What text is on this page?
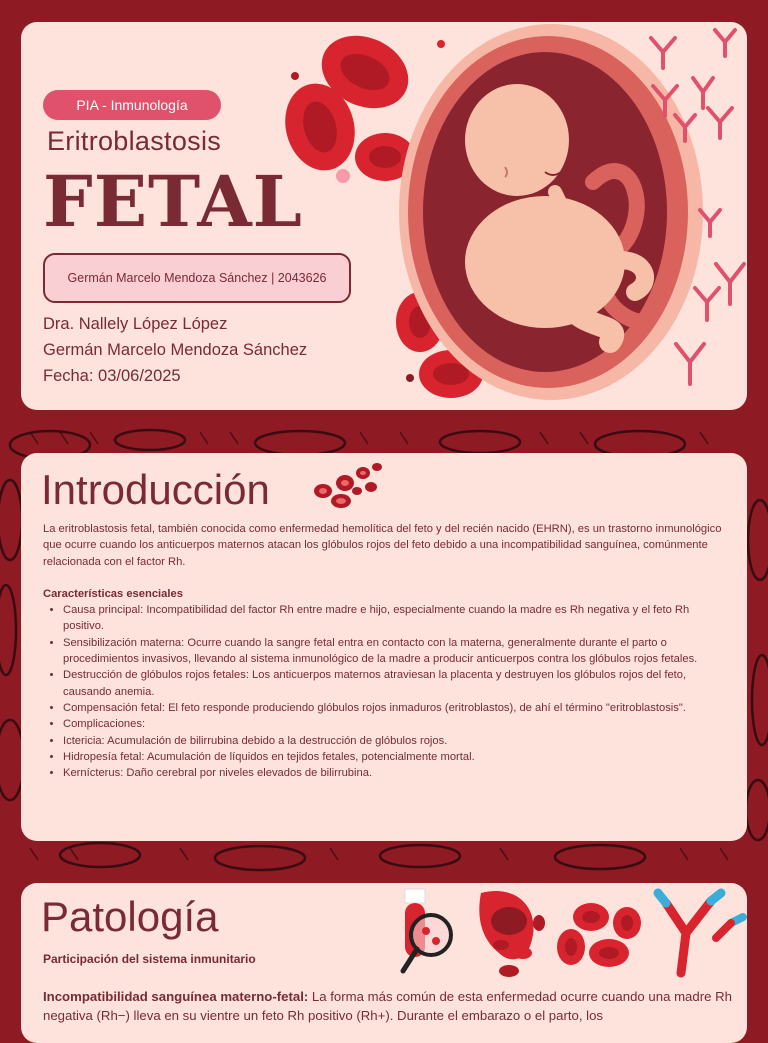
PIA - Inmunología
Eritroblastosis
FETAL
Germán Marcelo Mendoza Sánchez | 2043626
Dra. Nallely López López
Germán Marcelo Mendoza Sánchez
Fecha: 03/06/2025
Introducción

La eritroblastosis fetal, también conocida como enfermedad hemolítica del feto y del recién nacido (EHRN), es un trastorno inmunológico que ocurre cuando los anticuerpos maternos atacan los glóbulos rojos del feto debido a una incompatibilidad sanguínea, comúnmente relacionada con el factor Rh.

Características esenciales

• Causa principal: Incompatibilidad del factor Rh entre madre e hijo, especialmente cuando la madre es Rh negativa y el feto Rh positivo.
• Sensibilización materna: Ocurre cuando la sangre fetal entra en contacto con la materna, generalmente durante el parto o procedimientos invasivos, llevando al sistema inmunológico de la madre a producir anticuerpos contra los glóbulos rojos fetales.
• Destrucción de glóbulos rojos fetales: Los anticuerpos maternos atraviesan la placenta y destruyen los glóbulos rojos del feto, causando anemia.
• Compensación fetal: El feto responde produciendo glóbulos rojos inmaduros (eritroblastos), de ahí el término "eritroblastosis".
• Complicaciones:
• Ictericia: Acumulación de bilirrubina debido a la destrucción de glóbulos rojos.
• Hidropesía fetal: Acumulación de líquidos en tejidos fetales, potencialmente mortal.
• Kernícterus: Daño cerebral por niveles elevados de bilirrubina.
Patología
Participación del sistema inmunitario
Incompatibilidad sanguínea materno-fetal: La forma más común de esta enfermedad ocurre cuando una madre Rh negativa (Rh−) lleva en su vientre un feto Rh positivo (Rh+). Durante el embarazo o el parto, los
